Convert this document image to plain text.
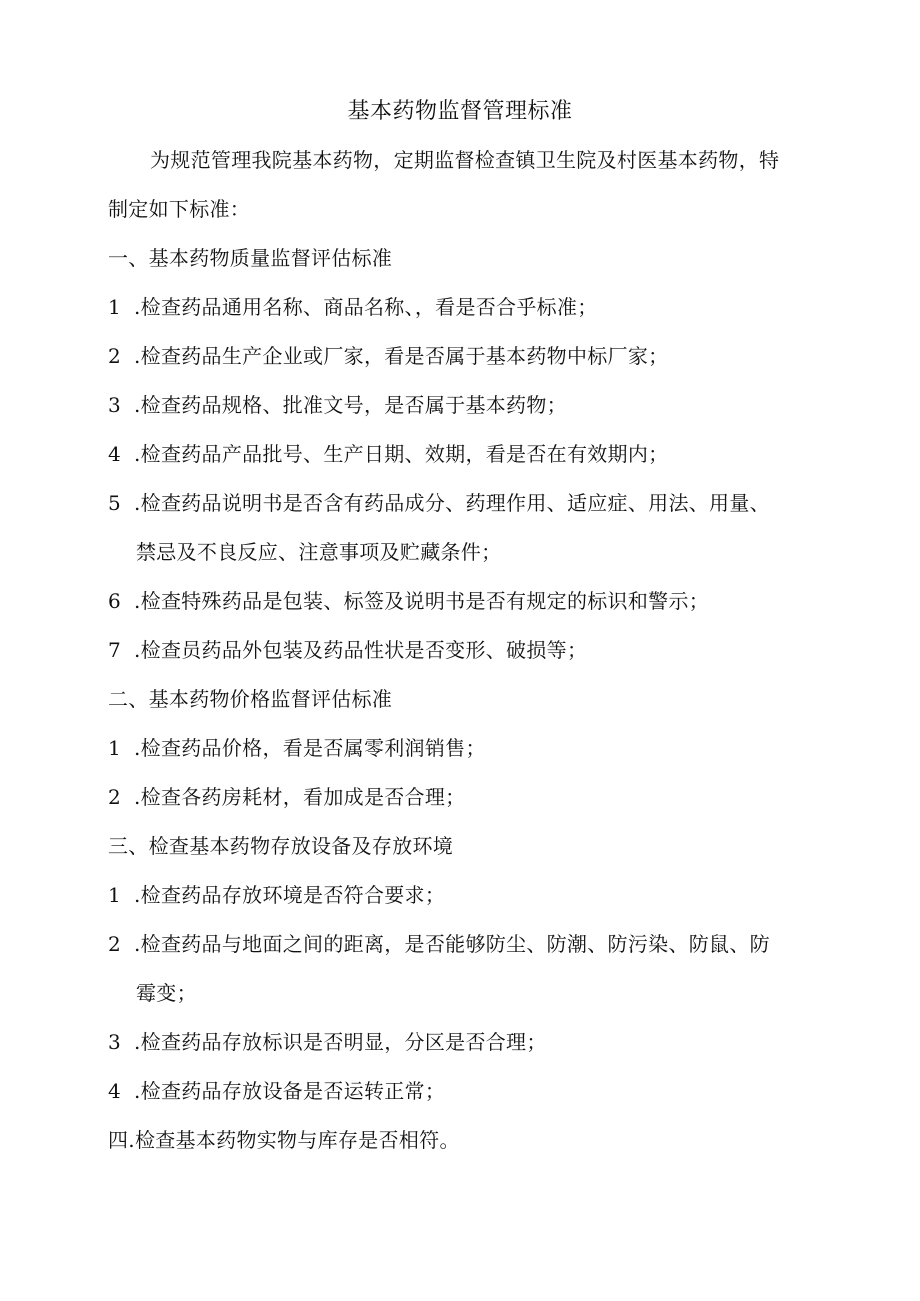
基本药物监督管理标准
为规范管理我院基本药物，定期监督检查镇卫生院及村医基本药物，特
制定如下标准：
一、基本药物质量监督评估标准
1 .检查药品通用名称、商品名称、，看是否合乎标准；
2 .检查药品生产企业或厂家，看是否属于基本药物中标厂家；
3 .检查药品规格、批准文号，是否属于基本药物；
4 .检查药品产品批号、生产日期、效期，看是否在有效期内；
5 .检查药品说明书是否含有药品成分、药理作用、适应症、用法、用量、
禁忌及不良反应、注意事项及贮藏条件；
6 .检查特殊药品是包装、标签及说明书是否有规定的标识和警示；
7 .检查员药品外包装及药品性状是否变形、破损等；
二、基本药物价格监督评估标准
1 .检查药品价格，看是否属零利润销售；
2 .检查各药房耗材，看加成是否合理；
三、检查基本药物存放设备及存放环境
1 .检查药品存放环境是否符合要求；
2 .检查药品与地面之间的距离，是否能够防尘、防潮、防污染、防鼠、防
霉变；
3 .检查药品存放标识是否明显，分区是否合理；
4 .检查药品存放设备是否运转正常；
四.检查基本药物实物与库存是否相符。
